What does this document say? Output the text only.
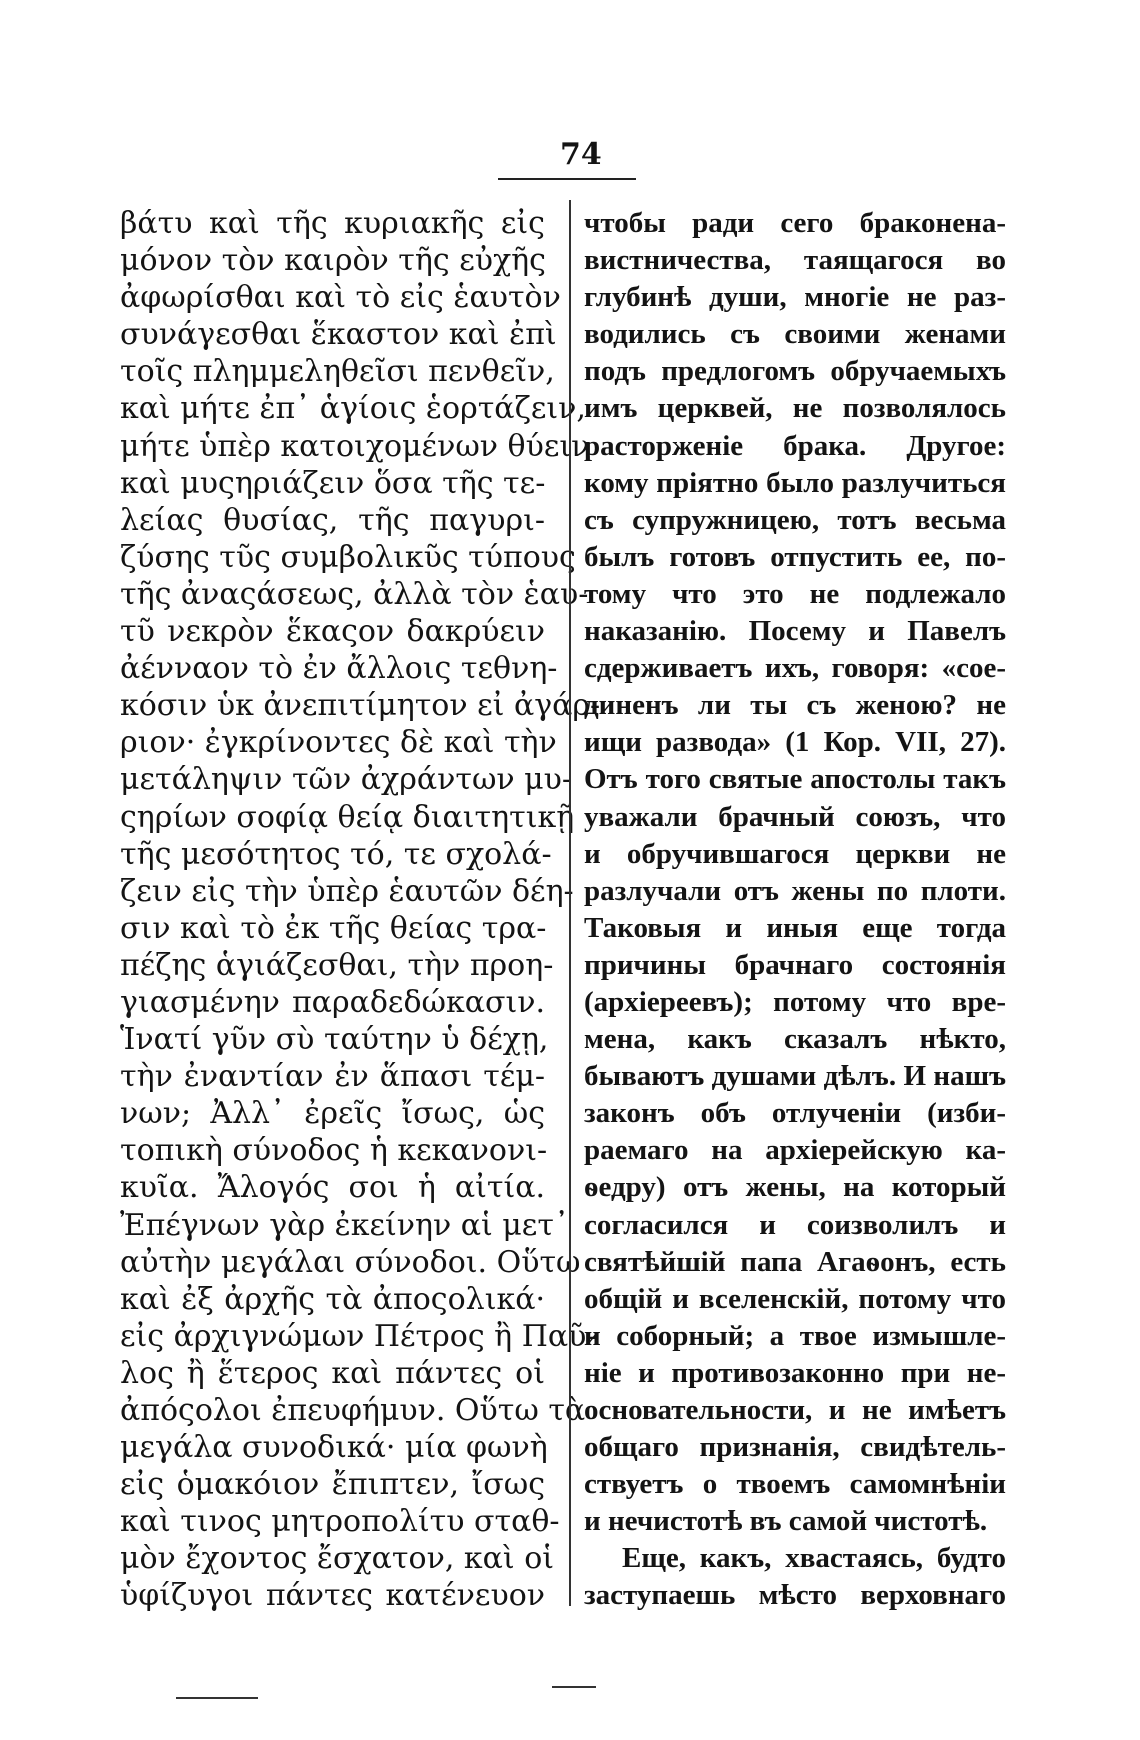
74
βάτυ καὶ τῆς κυριακῆς εἰς
μόνον τὸν καιρὸν τῆς εὐχῆς
ἀφωρίσθαι καὶ τὸ εἰς ἑαυτὸν
συνάγεσθαι ἕκαστον καὶ ἐπὶ
τοῖς πλημμεληθεῖσι πενθεῖν,
καὶ μήτε ἐπ᾽ ἁγίοις ἑορτάζειν,
μήτε ὑπὲρ κατοιχομένων θύειν
καὶ μυςηριάζειν ὅσα τῆς τε-
λείας θυσίας, τῆς παγυρι-
ζύσης τῦς συμβολικῦς τύπους
τῆς ἀναςάσεως, ἀλλὰ τὸν ἑαυ-
τῦ νεκρὸν ἕκαςον δακρύειν
ἀένναον τὸ ἐν ἄλλοις τεθνη-
κόσιν ὑκ ἀνεπιτίμητον εἰ ἀγάρ-
ριον· ἐγκρίνοντες δὲ καὶ τὴν
μετάληψιν τῶν ἀχράντων μυ-
ςηρίων σοφίᾳ θείᾳ διαιτητικῇ
τῆς μεσότητος τό, τε σχολά-
ζειν εἰς τὴν ὑπὲρ ἑαυτῶν δέη-
σιν καὶ τὸ ἐκ τῆς θείας τρα-
πέζης ἁγιάζεσθαι, τὴν προη-
γιασμένην παραδεδώκασιν.
Ἱνατί γῦν σὺ ταύτην ὑ δέχῃ,
τὴν ἐναντίαν ἐν ἅπασι τέμ-
νων; Ἀλλ᾽ ἐρεῖς ἴσως, ὡς
τοπικὴ σύνοδος ἡ κεκανονι-
κυῖα. Ἄλογός σοι ἡ αἰτία.
Ἐπέγνων γὰρ ἐκείνην αἱ μετ᾽
αὐτὴν μεγάλαι σύνοδοι. Οὕτω
καὶ ἐξ ἀρχῆς τὰ ἀποςολικά·
εἰς ἀρχιγνώμων Πέτρος ἢ Παῦ-
λος ἢ ἕτερος καὶ πάντες οἱ
ἀπόςολοι ἐπευφήμυν. Οὕτω τὰ
μεγάλα συνοδικά· μία φωνὴ
εἰς ὁμακόιον ἔπιπτεν, ἴσως
καὶ τινος μητροπολίτυ σταθ-
μὸν ἔχοντος ἔσχατον, καὶ οἱ
ὑφίζυγοι πάντες κατένευον
чтобы ради сего браконена-
вистничества, таящагося во
глубинѣ души, многіе не раз-
водились съ своими женами
подъ предлогомъ обручаемыхъ
имъ церквей, не позволялось
расторженіе брака. Другое:
кому пріятно было разлучиться
съ супружницею, тотъ весьма
былъ готовъ отпустить ее, по-
тому что это не подлежало
наказанію. Посему и Павелъ
сдерживаетъ ихъ, говоря: «сое-
диненъ ли ты съ женою? не
ищи развода» (1 Кор. VII, 27).
Отъ того святые апостолы такъ
уважали брачный союзъ, что
и обручившагося церкви не
разлучали отъ жены по плоти.
Таковыя и иныя еще тогда
причины брачнаго состоянія
(архіереевъ); потому что вре-
мена, какъ сказалъ нѣкто,
бываютъ душами дѣлъ. И нашъ
законъ объ отлученіи (изби-
раемаго на архіерейскую ка-
ѳедру) отъ жены, на который
согласился и соизволилъ и
святѣйшій папа Агаѳонъ, есть
общій и вселенскій, потому что
и соборный; а твое измышле-
ніе и противозаконно при не-
основательности, и не имѣетъ
общаго признанія, свидѣтель-
ствуетъ о твоемъ самомнѣніи
и нечистотѣ въ самой чистотѣ.
Еще, какъ, хвастаясь, будто
заступаешь мѣсто верховнаго
